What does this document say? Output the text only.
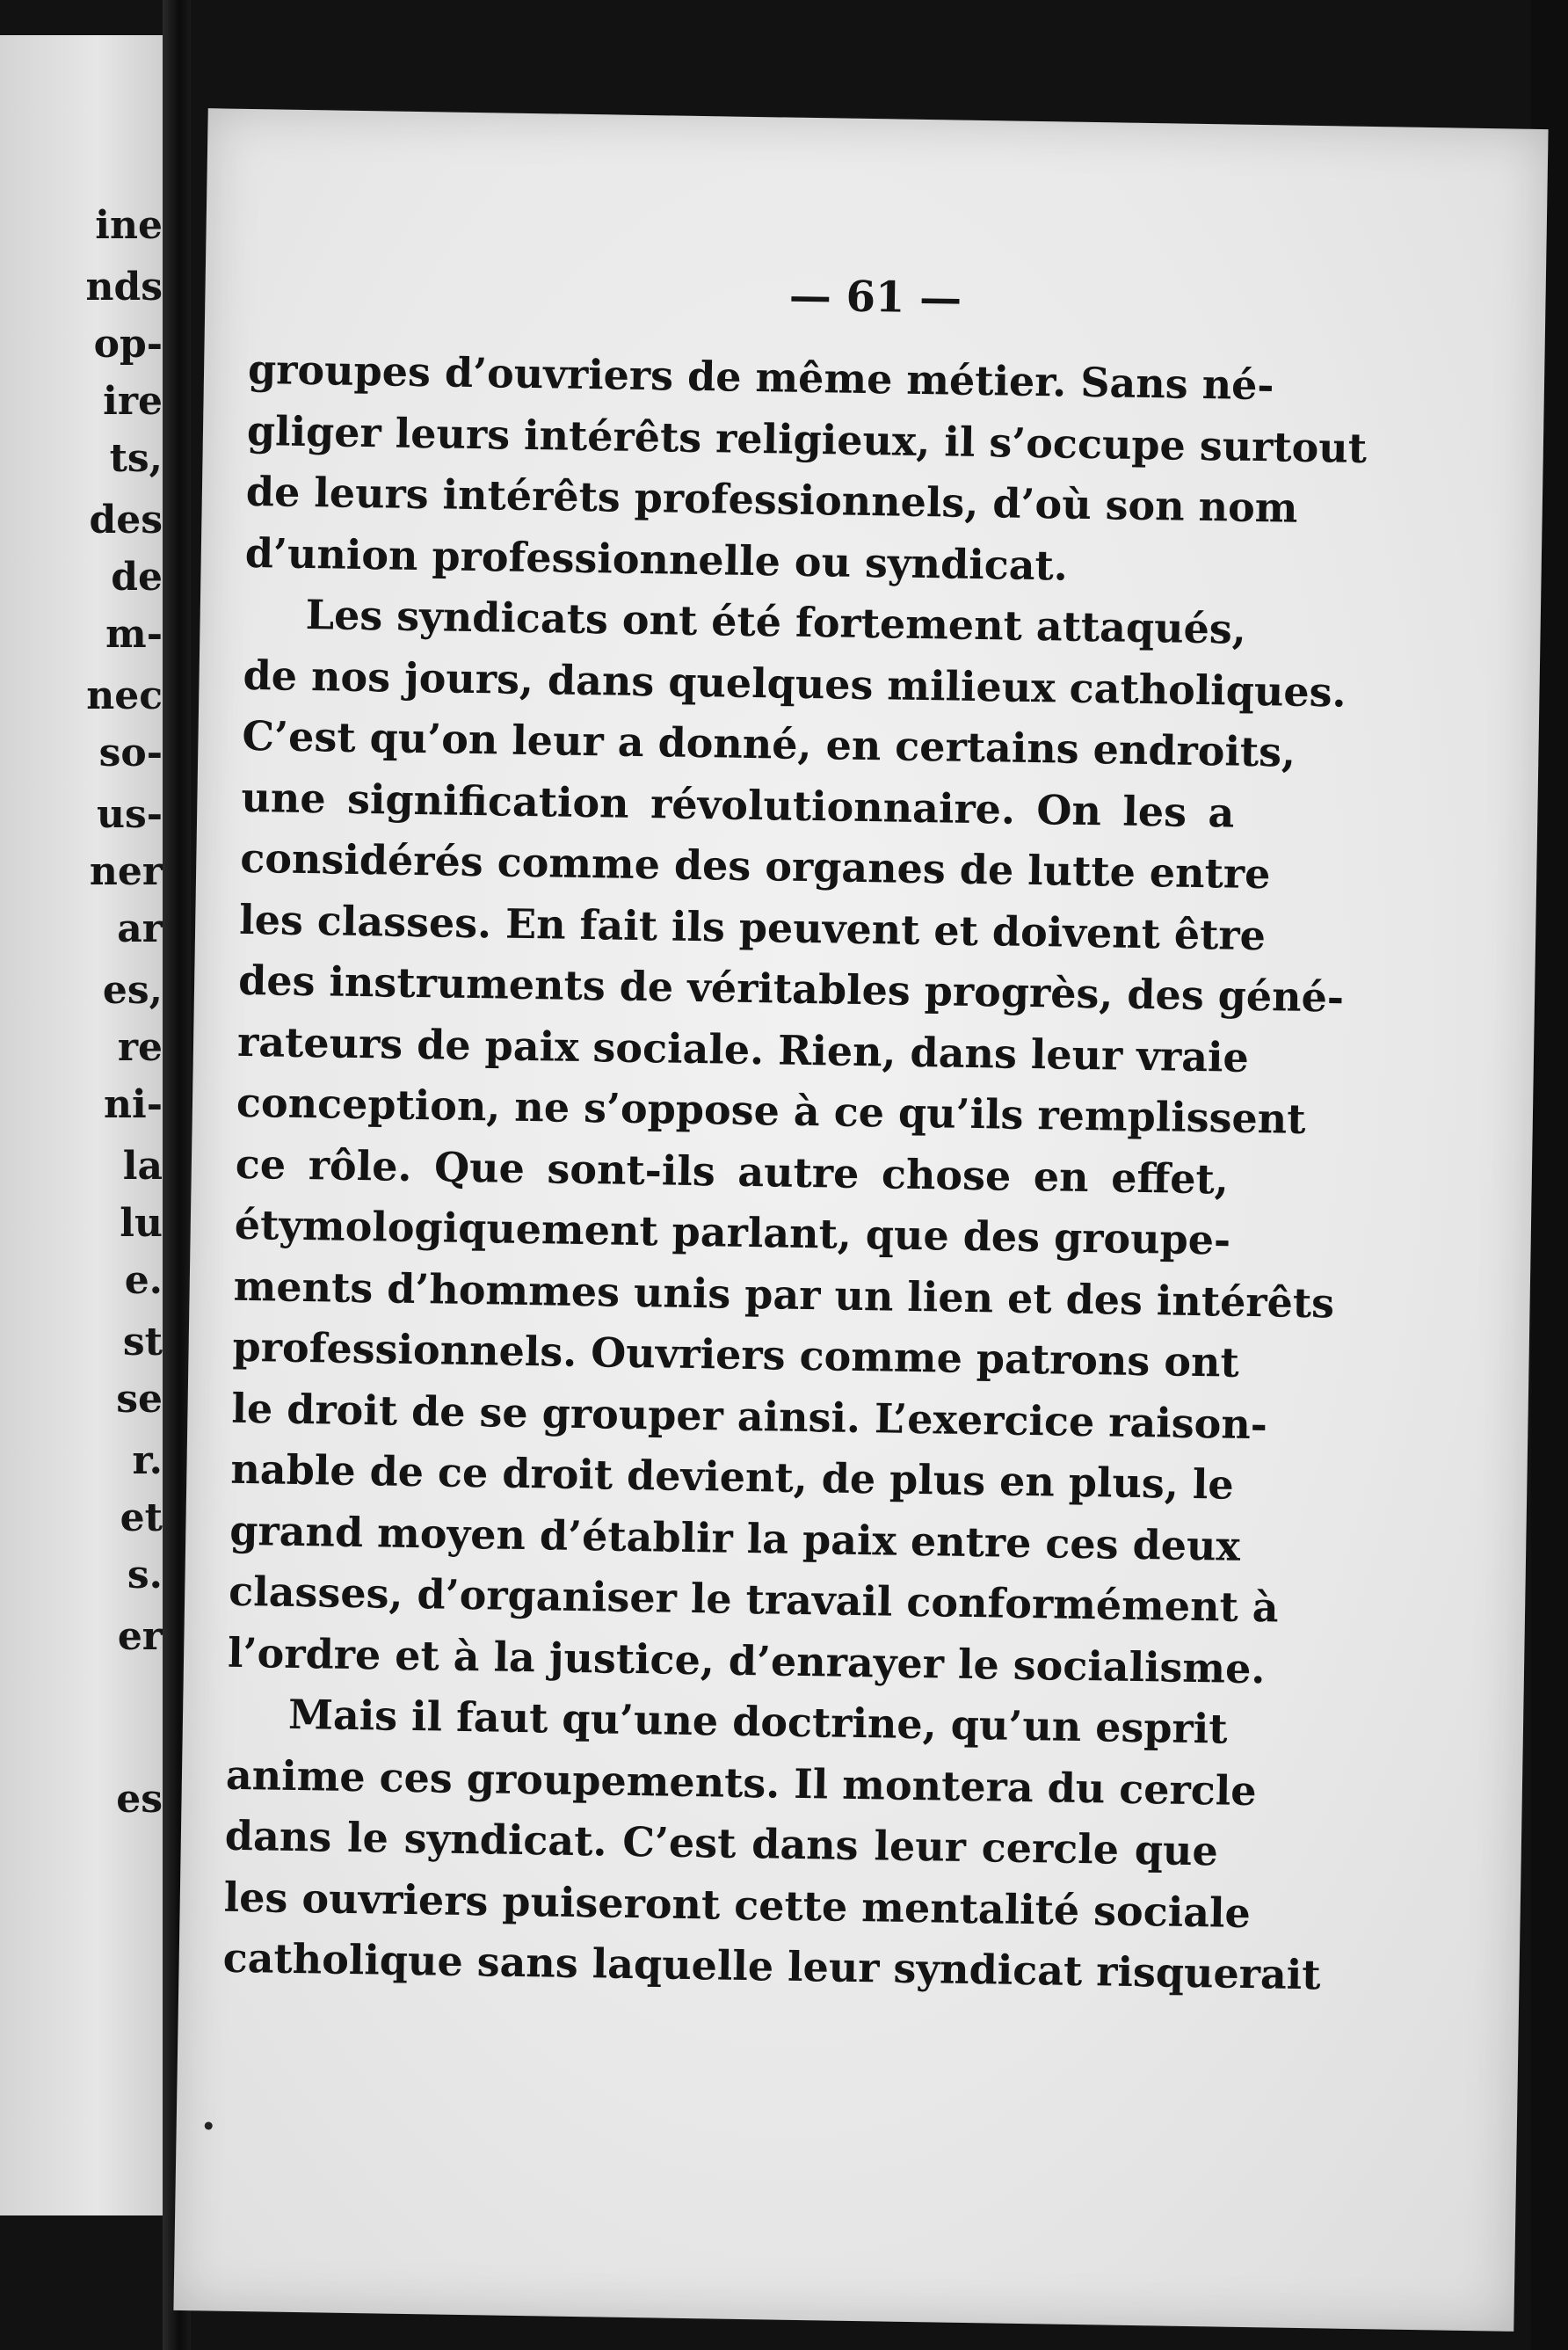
ine
nds
op-
ire
ts,
des
de
m-
nec
so-
us-
ner
ar
es,
re
ni-
la
lu
e.
st
se
r.
et
s.
er
es
— 61 —
groupes d’ouvriers de même métier. Sans né-
gliger leurs intérêts religieux, il s’occupe surtout
de leurs intérêts professionnels, d’où son nom
d’union professionnelle ou syndicat.
Les syndicats ont été fortement attaqués,
de nos jours, dans quelques milieux catholiques.
C’est qu’on leur a donné, en certains endroits,
une signification révolutionnaire. On les a
considérés comme des organes de lutte entre
les classes. En fait ils peuvent et doivent être
des instruments de véritables progrès, des géné-
rateurs de paix sociale. Rien, dans leur vraie
conception, ne s’oppose à ce qu’ils remplissent
ce rôle. Que sont-ils autre chose en effet,
étymologiquement parlant, que des groupe-
ments d’hommes unis par un lien et des intérêts
professionnels. Ouvriers comme patrons ont
le droit de se grouper ainsi. L’exercice raison-
nable de ce droit devient, de plus en plus, le
grand moyen d’établir la paix entre ces deux
classes, d’organiser le travail conformément à
l’ordre et à la justice, d’enrayer le socialisme.
Mais il faut qu’une doctrine, qu’un esprit
anime ces groupements. Il montera du cercle
dans le syndicat. C’est dans leur cercle que
les ouvriers puiseront cette mentalité sociale
catholique sans laquelle leur syndicat risquerait
